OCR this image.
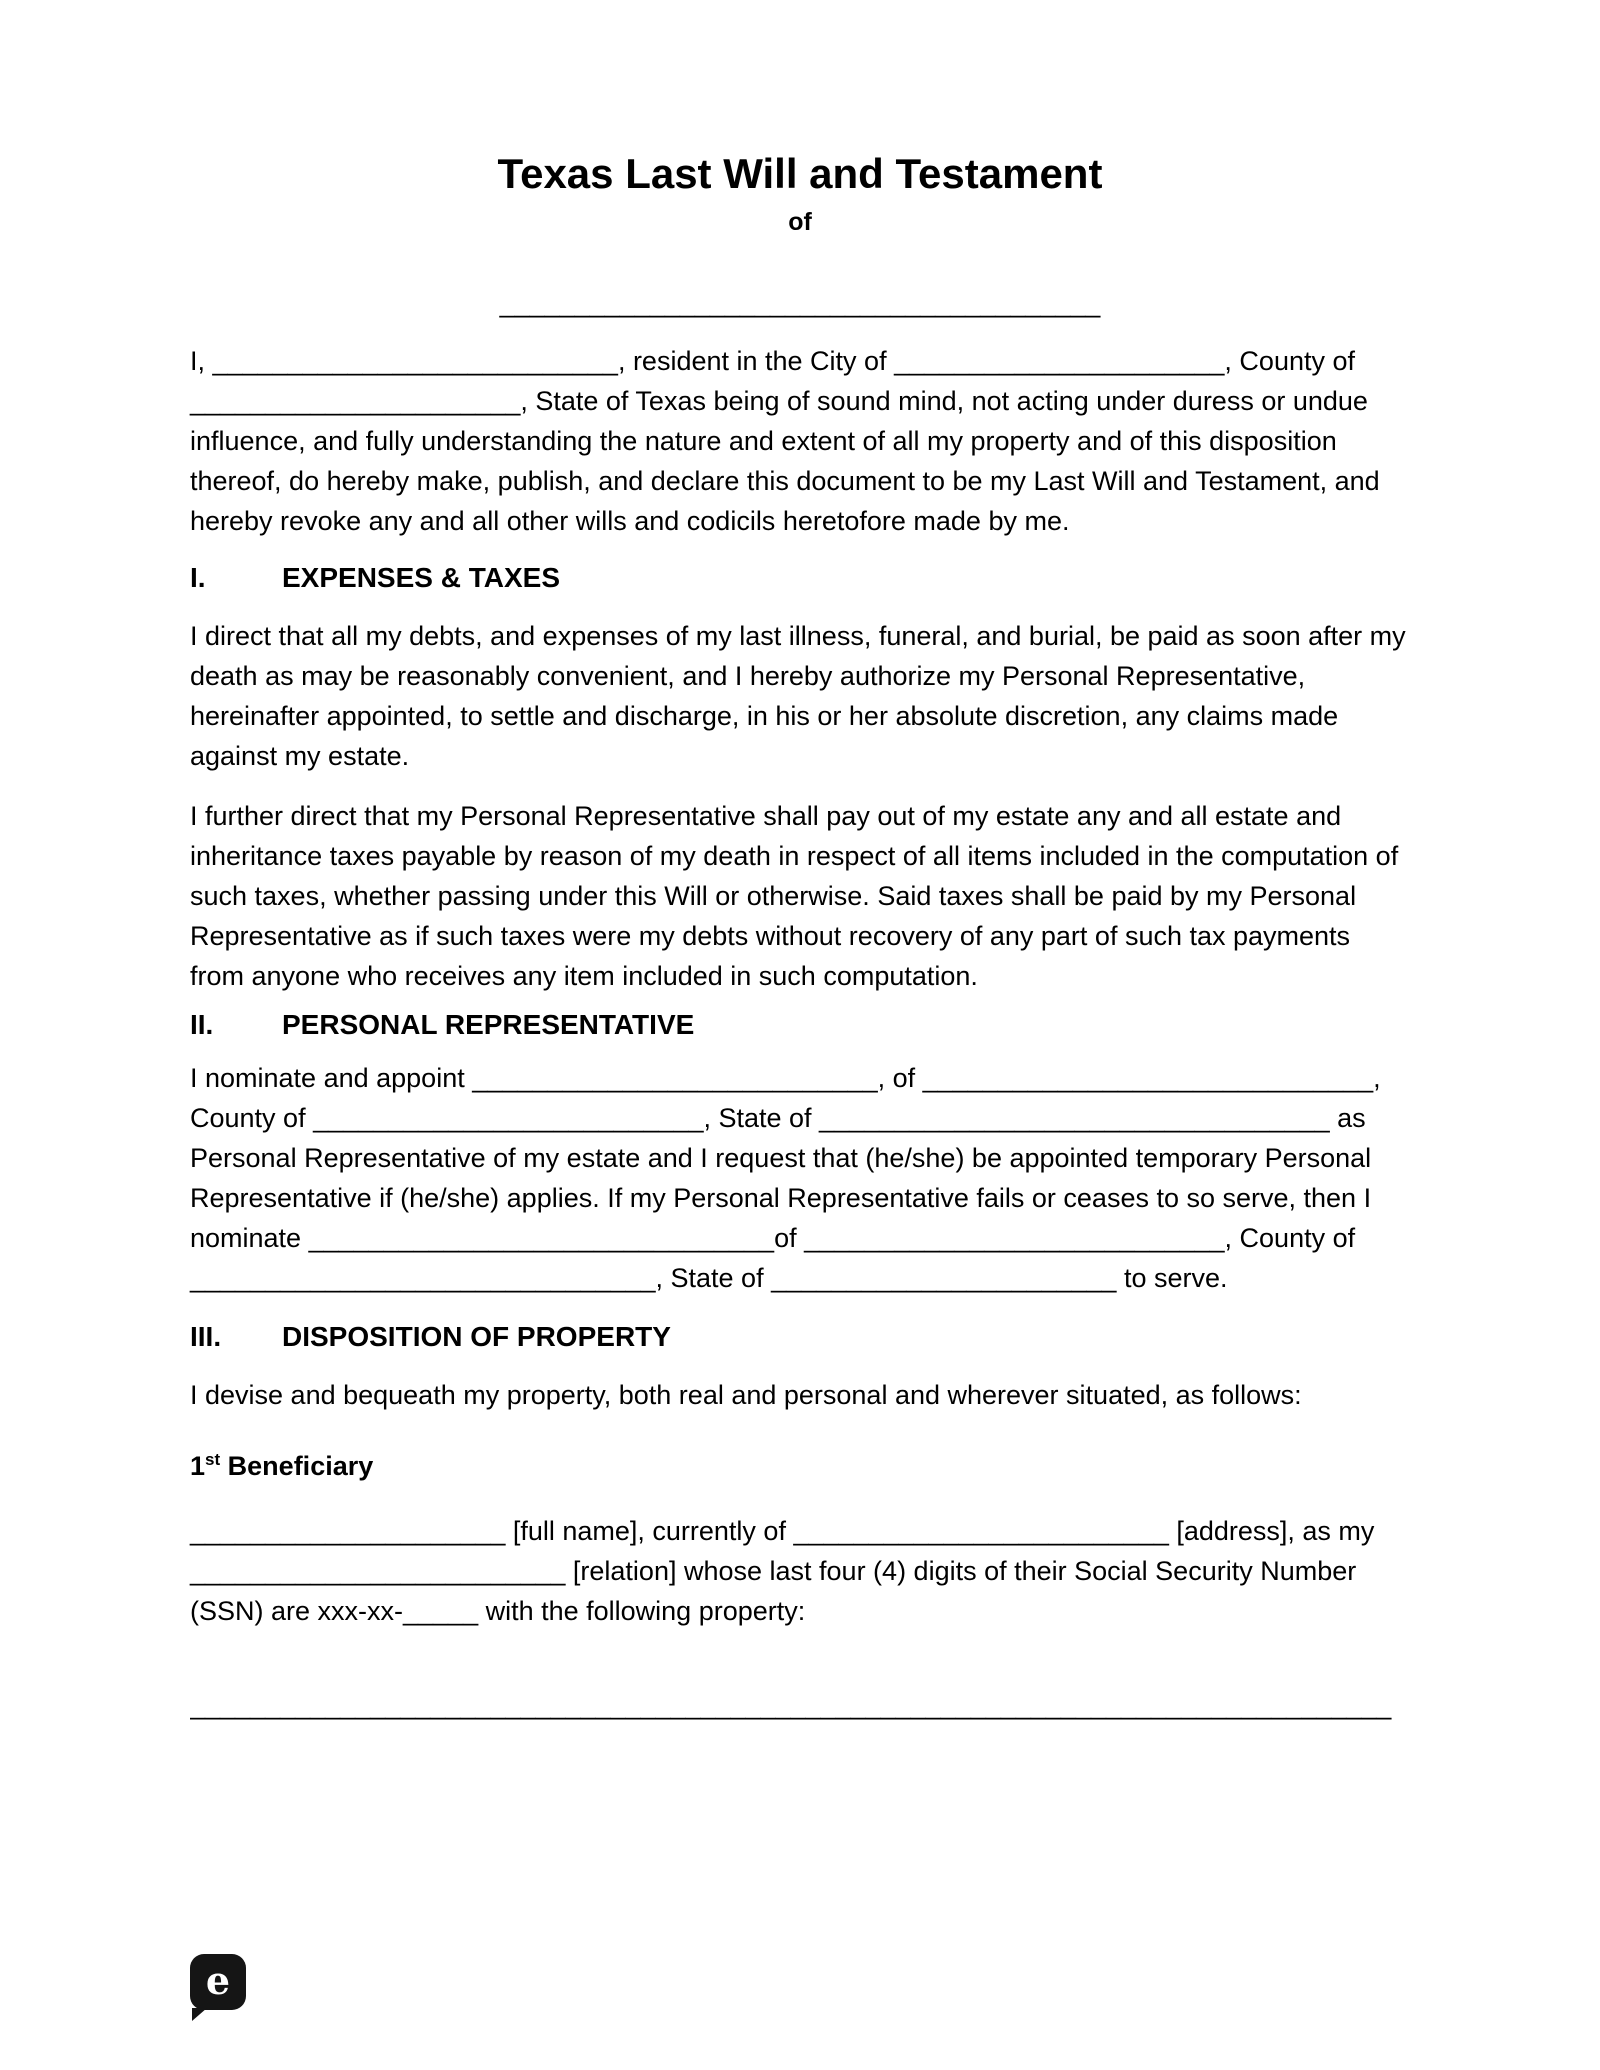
Texas Last Will and Testament
of
________________________________________

I, ___________________________, resident in the City of ______________________, County of ______________________, State of Texas being of sound mind, not acting under duress or undue influence, and fully understanding the nature and extent of all my property and of this disposition thereof, do hereby make, publish, and declare this document to be my Last Will and Testament, and hereby revoke any and all other wills and codicils heretofore made by me.

I.	EXPENSES & TAXES

I direct that all my debts, and expenses of my last illness, funeral, and burial, be paid as soon after my death as may be reasonably convenient, and I hereby authorize my Personal Representative, hereinafter appointed, to settle and discharge, in his or her absolute discretion, any claims made against my estate.

I further direct that my Personal Representative shall pay out of my estate any and all estate and inheritance taxes payable by reason of my death in respect of all items included in the computation of such taxes, whether passing under this Will or otherwise. Said taxes shall be paid by my Personal Representative as if such taxes were my debts without recovery of any part of such tax payments from anyone who receives any item included in such computation.

II. PERSONAL REPRESENTATIVE

I nominate and appoint ___________________________, of ______________________________, County of __________________________, State of __________________________________ as Personal Representative of my estate and I request that (he/she) be appointed temporary Personal Representative if (he/she) applies. If my Personal Representative fails or ceases to so serve, then I nominate _______________________________of ____________________________, County of _______________________________, State of _______________________ to serve.

III. DISPOSITION OF PROPERTY

I devise and bequeath my property, both real and personal and wherever situated, as follows:

1st Beneficiary

_____________________ [full name], currently of _________________________ [address], as my _________________________ [relation] whose last four (4) digits of their Social Security Number (SSN) are xxx-xx-_____ with the following property:

________________________________________________________________________________

e
